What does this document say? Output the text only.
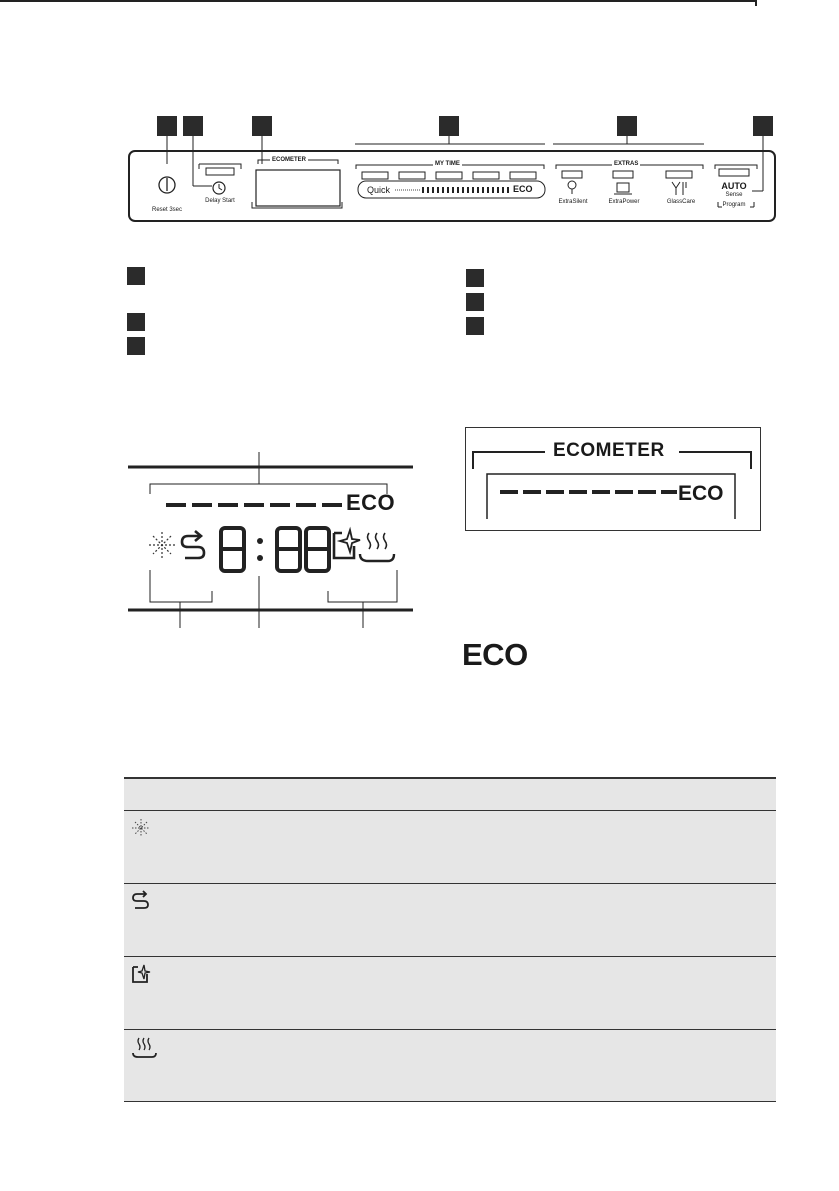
Reset 3sec
Delay Start
ECOMETER
MY TIME
Quick	ECO
EXTRAS
ExtraSilent	ExtraPower	GlassCare
AUTO
Sense
Program
ECO
ECOMETER
ECO
ECO
